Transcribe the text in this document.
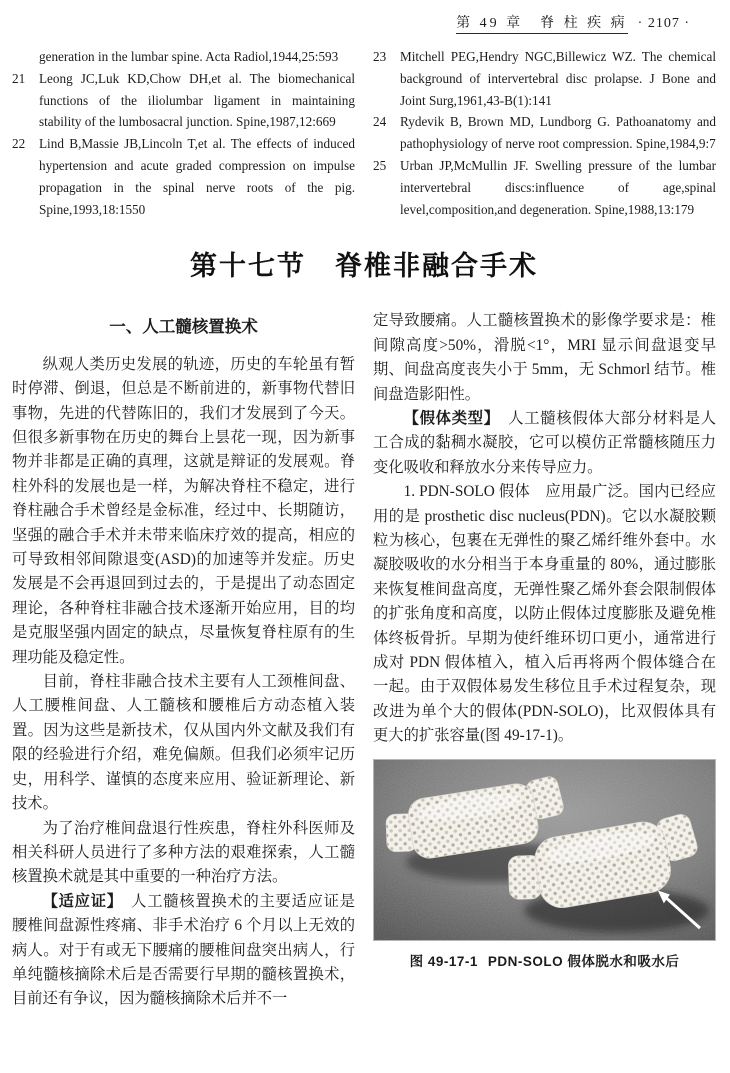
第 49 章　脊 柱 疾 病 · 2107 ·
generation in the lumbar spine. Acta Radiol,1944,25:593
21	Leong JC,Luk KD,Chow DH,et al. The biomechanical functions of the iliolumbar ligament in maintaining stability of the lumbosacral junction. Spine,1987,12:669
22	Lind B,Massie JB,Lincoln T,et al. The effects of induced hypertension and acute graded compression on impulse propagation in the spinal nerve roots of the pig. Spine,1993,18:1550
23	Mitchell PEG,Hendry NGC,Billewicz WZ. The chemical background of intervertebral disc prolapse. J Bone and Joint Surg,1961,43-B(1):141
24	Rydevik B, Brown MD, Lundborg G. Pathoanatomy and pathophysiology of nerve root compression. Spine,1984,9:7
25	Urban JP,McMullin JF. Swelling pressure of the lumbar intervertebral discs:influence of age,spinal level,composition,and degeneration. Spine,1988,13:179
第十七节　脊椎非融合手术
一、人工髓核置换术

纵观人类历史发展的轨迹，历史的车轮虽有暂时停滞、倒退，但总是不断前进的，新事物代替旧事物，先进的代替陈旧的，我们才发展到了今天。但很多新事物在历史的舞台上昙花一现，因为新事物并非都是正确的真理，这就是辩证的发展观。脊柱外科的发展也是一样，为解决脊柱不稳定，进行脊柱融合手术曾经是金标准，经过中、长期随访，坚强的融合手术并未带来临床疗效的提高，相应的可导致相邻间隙退变(ASD)的加速等并发症。历史发展是不会再退回到过去的，于是提出了动态固定理论，各种脊柱非融合技术逐渐开始应用，目的均是克服坚强内固定的缺点，尽量恢复脊柱原有的生理功能及稳定性。

目前，脊柱非融合技术主要有人工颈椎间盘、人工腰椎间盘、人工髓核和腰椎后方动态植入装置。因为这些是新技术，仅从国内外文献及我们有限的经验进行介绍，难免偏颇。但我们必须牢记历史，用科学、谨慎的态度来应用、验证新理论、新技术。

为了治疗椎间盘退行性疾患，脊柱外科医师及相关科研人员进行了多种方法的艰难探索，人工髓核置换术就是其中重要的一种治疗方法。

【适应证】　人工髓核置换术的主要适应证是腰椎间盘源性疼痛、非手术治疗 6 个月以上无效的病人。对于有或无下腰痛的腰椎间盘突出病人，行单纯髓核摘除术后是否需要行早期的髓核置换术，目前还有争议，因为髓核摘除术后并不一

定导致腰痛。人工髓核置换术的影像学要求是：椎间隙高度>50%，滑脱<1°，MRI 显示间盘退变早期、间盘高度丧失小于 5mm，无 Schmorl 结节。椎间盘造影阳性。

【假体类型】　人工髓核假体大部分材料是人工合成的黏稠水凝胶，它可以模仿正常髓核随压力变化吸收和释放水分来传导应力。

1. PDN-SOLO 假体　应用最广泛。国内已经应用的是 prosthetic disc nucleus(PDN)。它以水凝胶颗粒为核心，包裹在无弹性的聚乙烯纤维外套中。水凝胶吸收的水分相当于本身重量的 80%，通过膨胀来恢复椎间盘高度，无弹性聚乙烯外套会限制假体的扩张角度和高度，以防止假体过度膨胀及避免椎体终板骨折。早期为使纤维环切口更小，通常进行成对 PDN 假体植入，植入后再将两个假体缝合在一起。由于双假体易发生移位且手术过程复杂，现改进为单个大的假体(PDN-SOLO)，比双假体具有更大的扩张容量(图 49-17-1)。

图 49-17-1 PDN-SOLO 假体脱水和吸水后
